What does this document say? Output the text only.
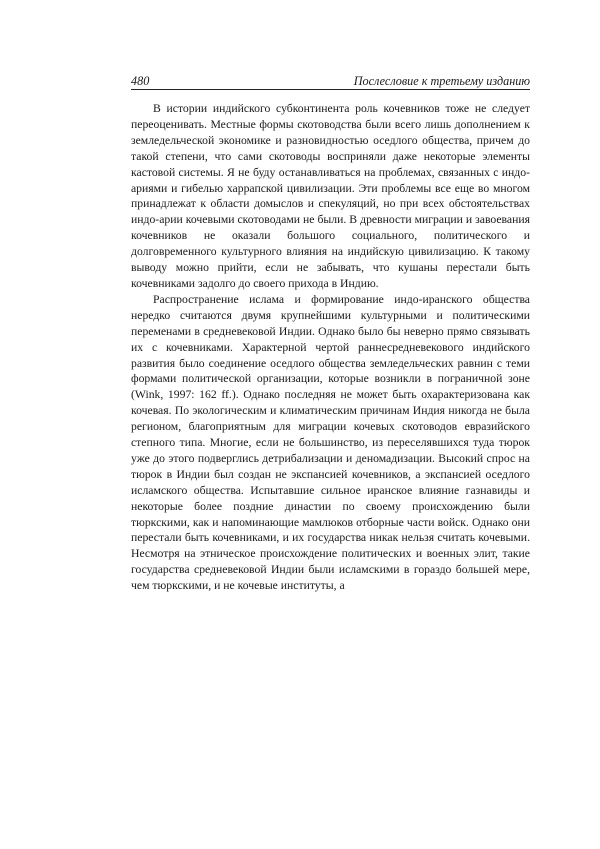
480	Послесловие к третьему изданию

В истории индийского субконтинента роль кочевников тоже не следует переоценивать. Местные формы скотоводства были всего лишь дополнением к земледельческой экономике и разновидностью оседлого общества, причем до такой степени, что сами скотоводы восприняли даже некоторые элементы кастовой системы. Я не буду останавливаться на проблемах, связанных с индо-ариями и гибелью харрапской цивилизации. Эти проблемы все еще во многом принадлежат к области домыслов и спекуляций, но при всех обстоятельствах индо-арии кочевыми скотоводами не были. В древности миграции и завоевания кочевников не оказали большого социального, политического и долговременного культурного влияния на индийскую цивилизацию. К такому выводу можно прийти, если не забывать, что кушаны перестали быть кочевниками задолго до своего прихода в Индию.

Распространение ислама и формирование индо-иранского общества нередко считаются двумя крупнейшими культурными и политическими переменами в средневековой Индии. Однако было бы неверно прямо связывать их с кочевниками. Характерной чертой раннесредневекового индийского развития было соединение оседлого общества земледельческих равнин с теми формами политической организации, которые возникли в пограничной зоне (Wink, 1997: 162 ff.). Однако последняя не может быть охарактеризована как кочевая. По экологическим и климатическим причинам Индия никогда не была регионом, благоприятным для миграции кочевых скотоводов евразийского степного типа. Многие, если не большинство, из переселявшихся туда тюрок уже до этого подверглись детрибализации и деномадизации. Высокий спрос на тюрок в Индии был создан не экспансией кочевников, а экспансией оседлого исламского общества. Испытавшие сильное иранское влияние газнавиды и некоторые более поздние династии по своему происхождению были тюркскими, как и напоминающие мамлюков отборные части войск. Однако они перестали быть кочевниками, и их государства никак нельзя считать кочевыми. Несмотря на этническое происхождение политических и военных элит, такие государства средневековой Индии были исламскими в гораздо большей мере, чем тюркскими, и не кочевые институты, а
